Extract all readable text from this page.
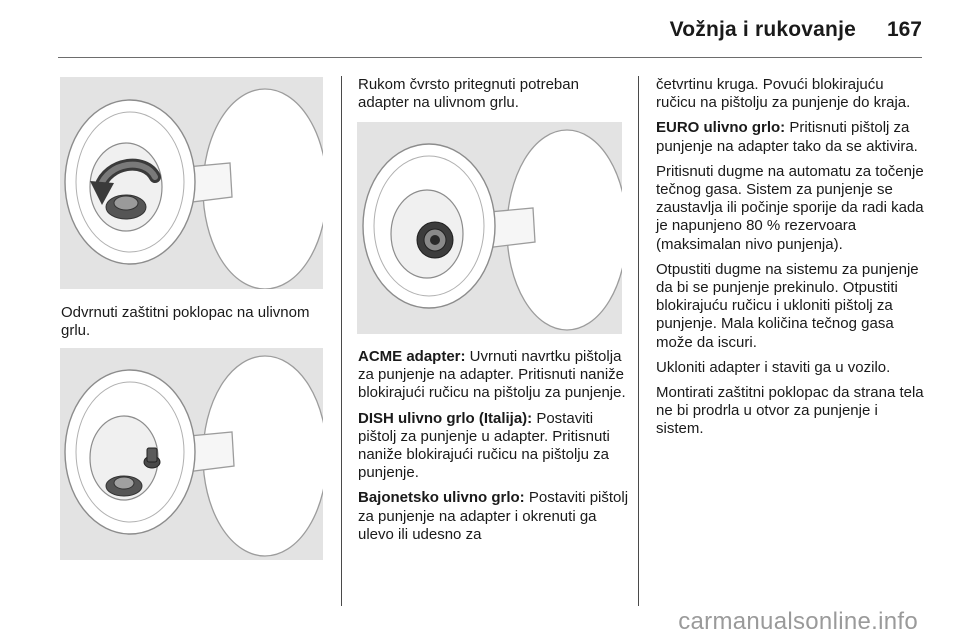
Vožnja i rukovanje	167

Odvrnuti zaštitni poklopac na ulivnom grlu.

Rukom čvrsto pritegnuti potreban adapter na ulivnom grlu.

ACME adapter: Uvrnuti navrtku pištolja za punjenje na adapter. Pritisnuti naniže blokirajući ručicu na pištolju za punjenje.

DISH ulivno grlo (Italija): Postaviti pištolj za punjenje u adapter. Pritisnuti naniže blokirajući ručicu na pištolju za punjenje.

Bajonetsko ulivno grlo: Postaviti pištolj za punjenje na adapter i okrenuti ga ulevo ili udesno za

četvrtinu kruga. Povući blokirajuću ručicu na pištolju za punjenje do kraja.

EURO ulivno grlo: Pritisnuti pištolj za punjenje na adapter tako da se aktivira.

Pritisnuti dugme na automatu za točenje tečnog gasa. Sistem za punjenje se zaustavlja ili počinje sporije da radi kada je napunjeno 80 % rezervoara (maksimalan nivo punjenja).

Otpustiti dugme na sistemu za punjenje da bi se punjenje prekinulo. Otpustiti blokirajuću ručicu i ukloniti pištolj za punjenje. Mala količina tečnog gasa može da iscuri.

Ukloniti adapter i staviti ga u vozilo.

Montirati zaštitni poklopac da strana tela ne bi prodrla u otvor za punjenje i sistem.

carmanualsonline.info
